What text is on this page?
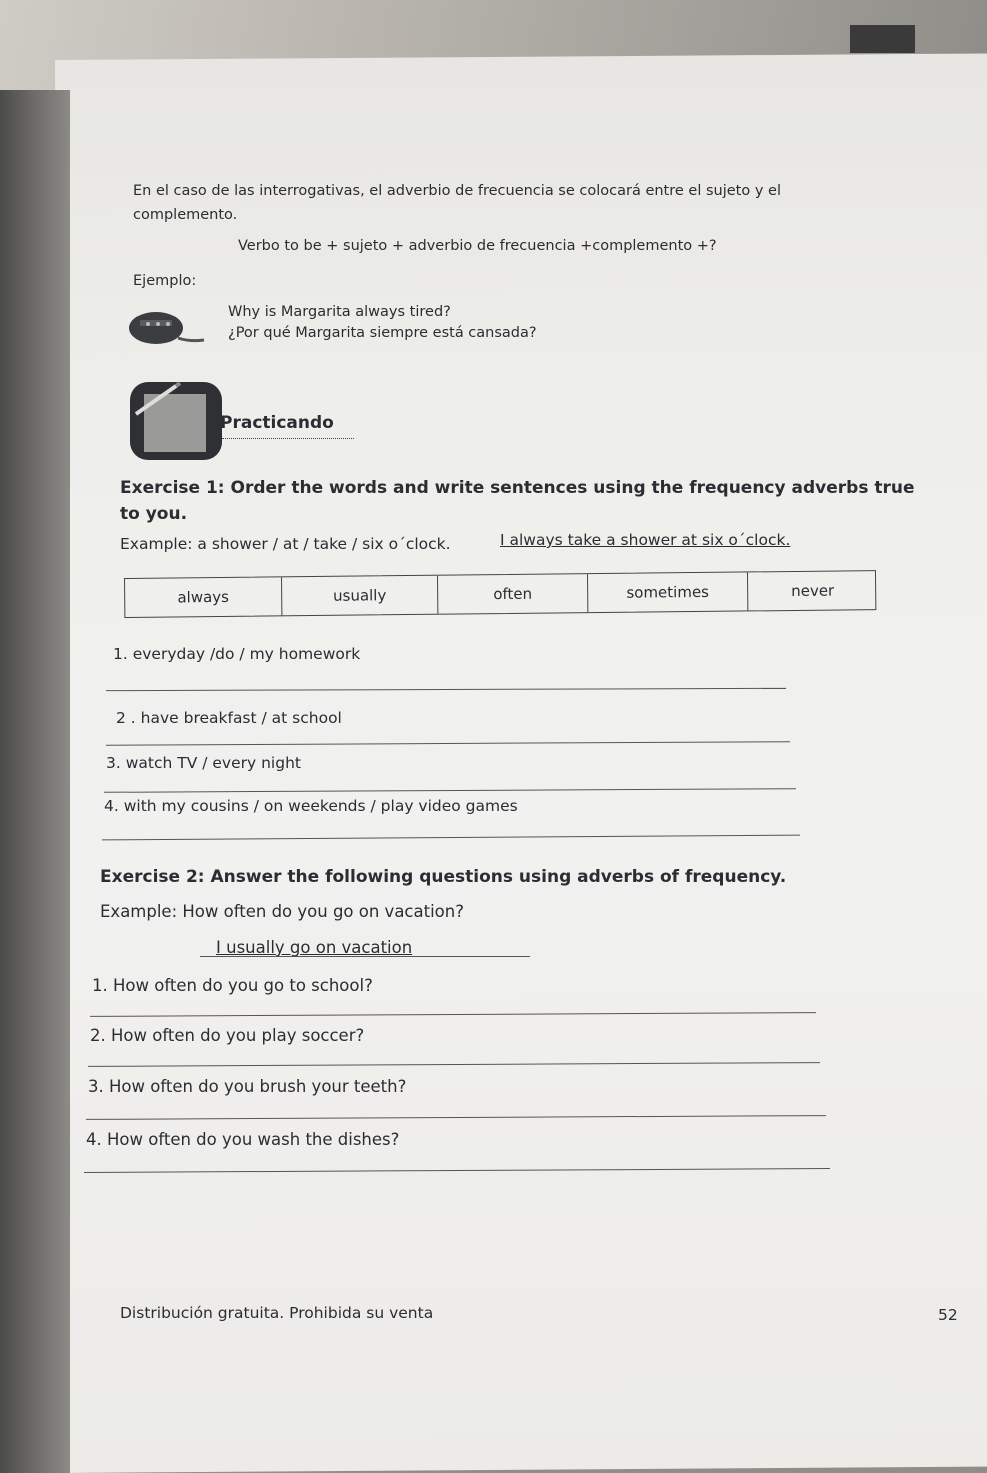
En el caso de las interrogativas, el adverbio de frecuencia se colocará entre el sujeto y el
complemento.
Verbo to be + sujeto + adverbio de frecuencia +complemento +?
Ejemplo:
Why is Margarita always tired?
¿Por qué Margarita siempre está cansada?
Practicando
Exercise 1: Order the words and write sentences using the frequency adverbs true
to you.
Example: a shower / at / take / six o´clock.	I always take a shower at six o´clock.
always	usually	often	sometimes	never
1. everyday /do / my homework
2 . have breakfast / at school
3. watch TV / every night
4. with my cousins / on weekends / play video games
Exercise 2: Answer the following questions using adverbs of frequency.
Example: How often do you go on vacation?
I usually go on vacation
1. How often do you go to school?
2. How often do you play soccer?
3. How often do you brush your teeth?
4. How often do you wash the dishes?
Distribución gratuita. Prohibida su venta	52
